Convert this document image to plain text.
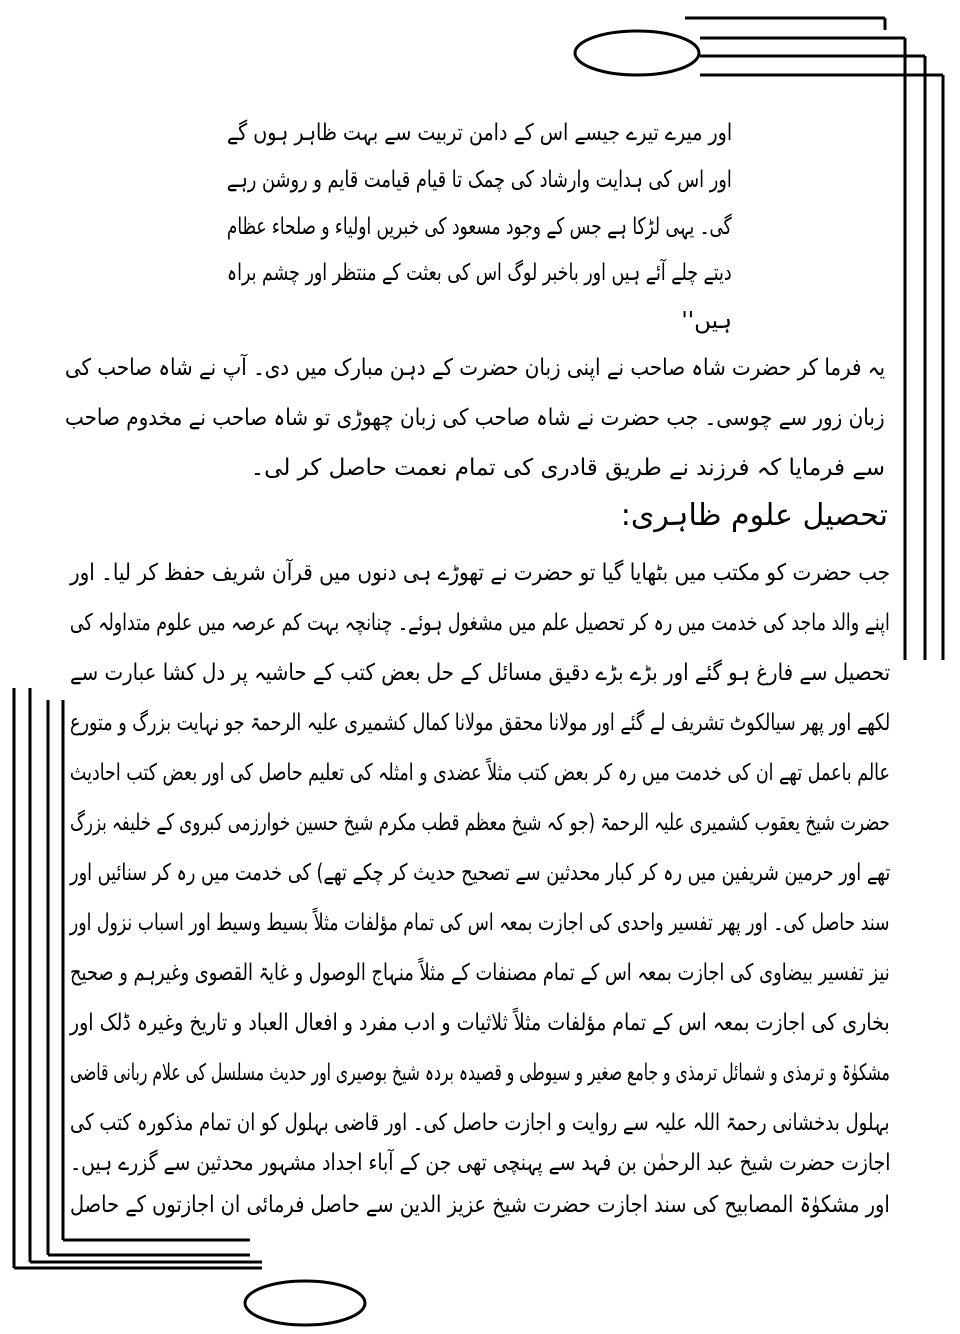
اور میرے تیرے جیسے اس کے دامن تربیت سے بہت ظاہر ہوں گے
اور اس کی ہدایت وارشاد کی چمک تا قیام قیامت قایم و روشن رہے
گی۔ یہی لڑکا ہے جس کے وجود مسعود کی خبریں اولیاء و صلحاء عظام
دیتے چلے آئے ہیں اور باخبر لوگ اس کی بعثت کے منتظر اور چشم براہ
ہیں''
یہ فرما کر حضرت شاہ صاحب نے اپنی زبان حضرت کے دہن مبارک میں دی۔ آپ نے شاہ صاحب کی
زبان زور سے چوسی۔ جب حضرت نے شاہ صاحب کی زبان چھوڑی تو شاہ صاحب نے مخدوم صاحب
سے فرمایا کہ فرزند نے طریق قادری کی تمام نعمت حاصل کر لی۔
تحصیل علوم ظاہری:
جب حضرت کو مکتب میں بٹھایا گیا تو حضرت نے تھوڑے ہی دنوں میں قرآن شریف حفظ کر لیا۔ اور
اپنے والد ماجد کی خدمت میں رہ کر تحصیل علم میں مشغول ہوئے۔ چنانچہ بہت کم عرصہ میں علوم متداولہ کی
تحصیل سے فارغ ہو گئے اور بڑے بڑے دقیق مسائل کے حل بعض کتب کے حاشیہ پر دل کشا عبارت سے
لکھے اور پھر سیالکوٹ تشریف لے گئے اور مولانا محقق مولانا کمال کشمیری علیہ الرحمۃ جو نہایت بزرگ و متورع
عالم باعمل تھے ان کی خدمت میں رہ کر بعض کتب مثلاً عضدی و امثلہ کی تعلیم حاصل کی اور بعض کتب احادیث
حضرت شیخ یعقوب کشمیری علیہ الرحمۃ (جو کہ شیخ معظم قطب مکرم شیخ حسین خوارزمی کبروی کے خلیفہ بزرگ
تھے اور حرمین شریفین میں رہ کر کبار محدثین سے تصحیح حدیث کر چکے تھے) کی خدمت میں رہ کر سنائیں اور
سند حاصل کی۔ اور پھر تفسیر واحدی کی اجازت بمعہ اس کی تمام مؤلفات مثلاً بسیط وسیط اور اسباب نزول اور
نیز تفسیر بیضاوی کی اجازت بمعہ اس کے تمام مصنفات کے مثلاً منہاج الوصول و غایۃ القصوی وغیرہم و صحیح
بخاری کی اجازت بمعہ اس کے تمام مؤلفات مثلاً ثلاثیات و ادب مفرد و افعال العباد و تاریخ وغیرہ ڈلک اور
مشکوٰۃ و ترمذی و شمائل ترمذی و جامع صغیر و سیوطی و قصیدہ بردہ شیخ بوصیری اور حدیث مسلسل کی علام ربانی قاضی
بہلول بدخشانی رحمۃ اللہ علیہ سے روایت و اجازت حاصل کی۔ اور قاضی بہلول کو ان تمام مذکورہ کتب کی
اجازت حضرت شیخ عبد الرحمٰن بن فہد سے پہنچی تھی جن کے آباء اجداد مشہور محدثین سے گزرے ہیں۔
اور مشکوٰۃ المصابیح کی سند اجازت حضرت شیخ عزیز الدین سے حاصل فرمائی ان اجازتوں کے حاصل
